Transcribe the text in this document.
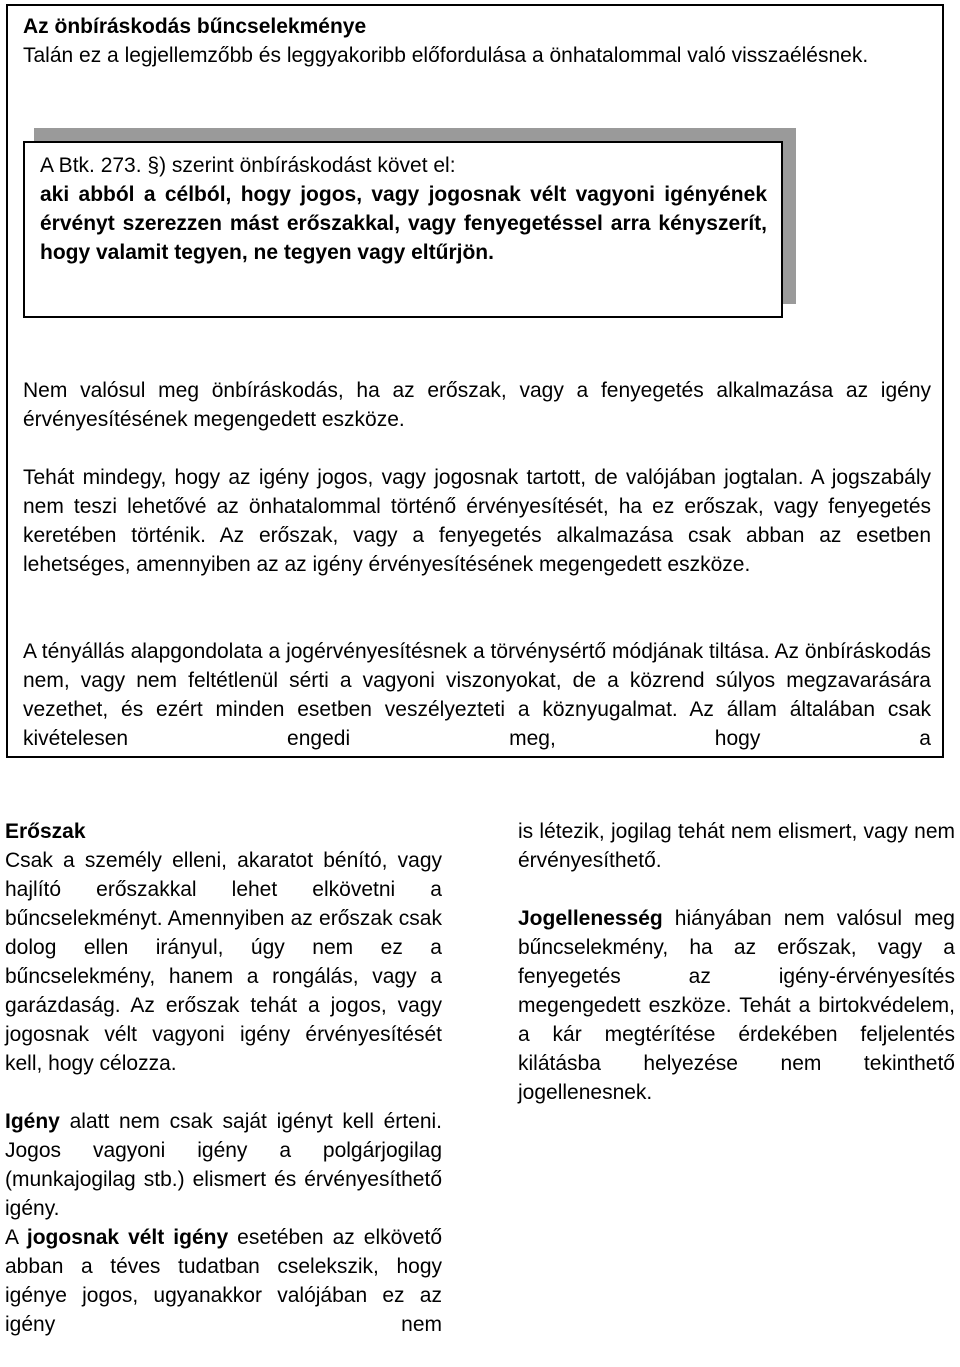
Az önbíráskodás bűncselekménye

Talán ez a legjellemzőbb és leggyakoribb előfordulása a önhatalommal való visszaélésnek.

A Btk. 273. §) szerint önbíráskodást követ el:

aki abból a célból, hogy jogos, vagy jogosnak vélt vagyoni igényének érvényt szerezzen mást erőszakkal, vagy fenyegetéssel arra kényszerít, hogy valamit tegyen, ne tegyen vagy eltűrjön.

Nem valósul meg önbíráskodás, ha az erőszak, vagy a fenyegetés alkalmazása az igény érvényesítésének megengedett eszköze.

Tehát mindegy, hogy az igény jogos, vagy jogosnak tartott, de valójában jogtalan. A jogszabály nem teszi lehetővé az önhatalommal történő érvényesítését, ha ez erőszak, vagy fenyegetés keretében történik. Az erőszak, vagy a fenyegetés alkalmazása csak abban az esetben lehetséges, amennyiben az az igény érvényesítésének megengedett eszköze.

A tényállás alapgondolata a jogérvényesítésnek a törvénysértő módjának tiltása. Az önbíráskodás nem, vagy nem feltétlenül sérti a vagyoni viszonyokat, de a közrend súlyos megzavarására vezethet, és ezért minden esetben veszélyezteti a köznyugalmat. Az állam általában csak kivételesen engedi meg, hogy a

Erőszak

Csak a személy elleni, akaratot bénító, vagy hajlító erőszakkal lehet elkövetni a bűncselekményt. Amennyiben az erőszak csak dolog ellen irányul, úgy nem ez a bűncselekmény, hanem a rongálás, vagy a garázdaság. Az erőszak tehát a jogos, vagy jogosnak vélt vagyoni igény érvényesítését kell, hogy célozza.

Igény alatt nem csak saját igényt kell érteni. Jogos vagyoni igény a polgárjogilag (munkajogilag stb.) elismert és érvényesíthető igény.

A jogosnak vélt igény esetében az elkövető abban a téves tudatban cselekszik, hogy igénye jogos, ugyanakkor valójában ez az igény nem

is létezik, jogilag tehát nem elismert, vagy nem érvényesíthető.

Jogellenesség hiányában nem valósul meg bűncselekmény, ha az erőszak, vagy a fenyegetés az igény-érvényesítés megengedett eszköze. Tehát a birtokvédelem, a kár megtérítése érdekében feljelentés kilátásba helyezése nem tekinthető jogellenesnek.
